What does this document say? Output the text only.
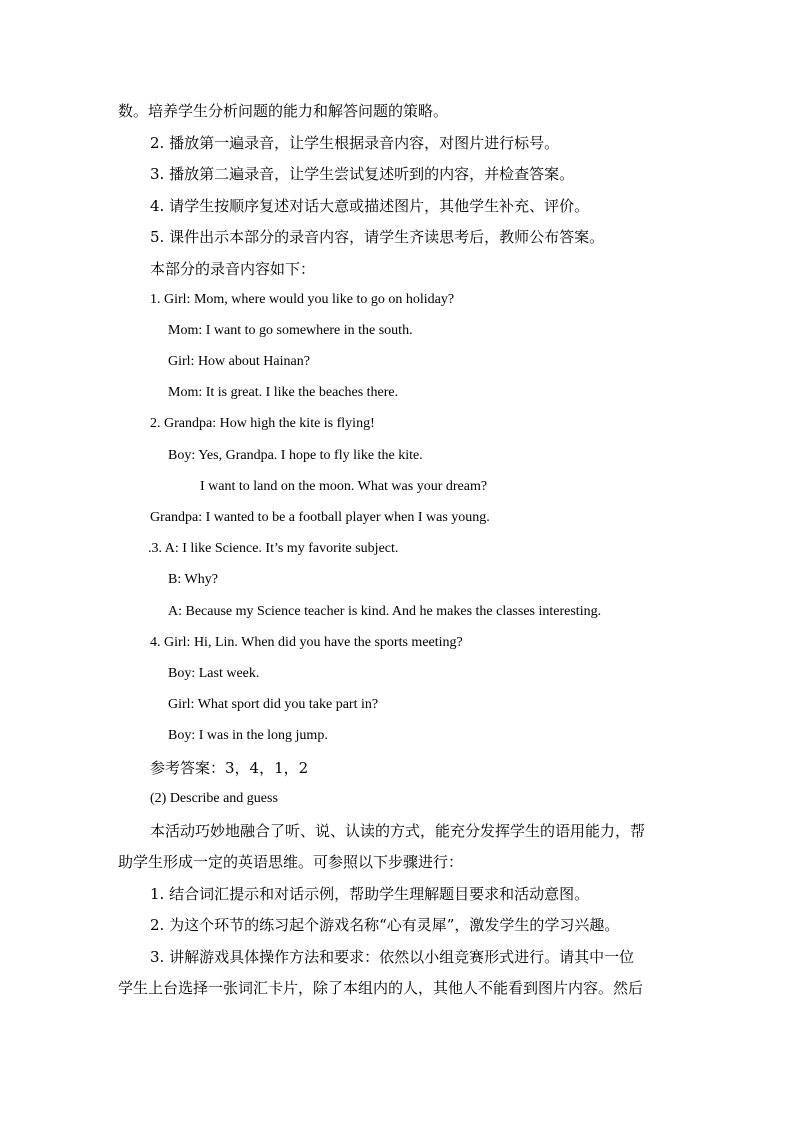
数。培养学生分析问题的能力和解答问题的策略。
2. 播放第一遍录音，让学生根据录音内容，对图片进行标号。
3. 播放第二遍录音，让学生尝试复述听到的内容，并检查答案。
4. 请学生按顺序复述对话大意或描述图片，其他学生补充、评价。
5. 课件出示本部分的录音内容，请学生齐读思考后，教师公布答案。
本部分的录音内容如下：
1. Girl: Mom, where would you like to go on holiday?
Mom: I want to go somewhere in the south.
Girl: How about Hainan?
Mom: It is great. I like the beaches there.
2. Grandpa: How high the kite is flying!
Boy: Yes, Grandpa. I hope to fly like the kite.
I want to land on the moon. What was your dream?
Grandpa: I wanted to be a football player when I was young.
.3. A: I like Science. It’s my favorite subject.
B: Why?
A: Because my Science teacher is kind. And he makes the classes interesting.
4. Girl: Hi, Lin. When did you have the sports meeting?
Boy: Last week.
Girl: What sport did you take part in?
Boy: I was in the long jump.
参考答案：3，4，1，2
(2) Describe and guess
本活动巧妙地融合了听、说、认读的方式，能充分发挥学生的语用能力，帮
助学生形成一定的英语思维。可参照以下步骤进行：
1. 结合词汇提示和对话示例，帮助学生理解题目要求和活动意图。
2. 为这个环节的练习起个游戏名称“心有灵犀”，激发学生的学习兴趣。
3. 讲解游戏具体操作方法和要求：依然以小组竞赛形式进行。请其中一位
学生上台选择一张词汇卡片，除了本组内的人，其他人不能看到图片内容。然后
